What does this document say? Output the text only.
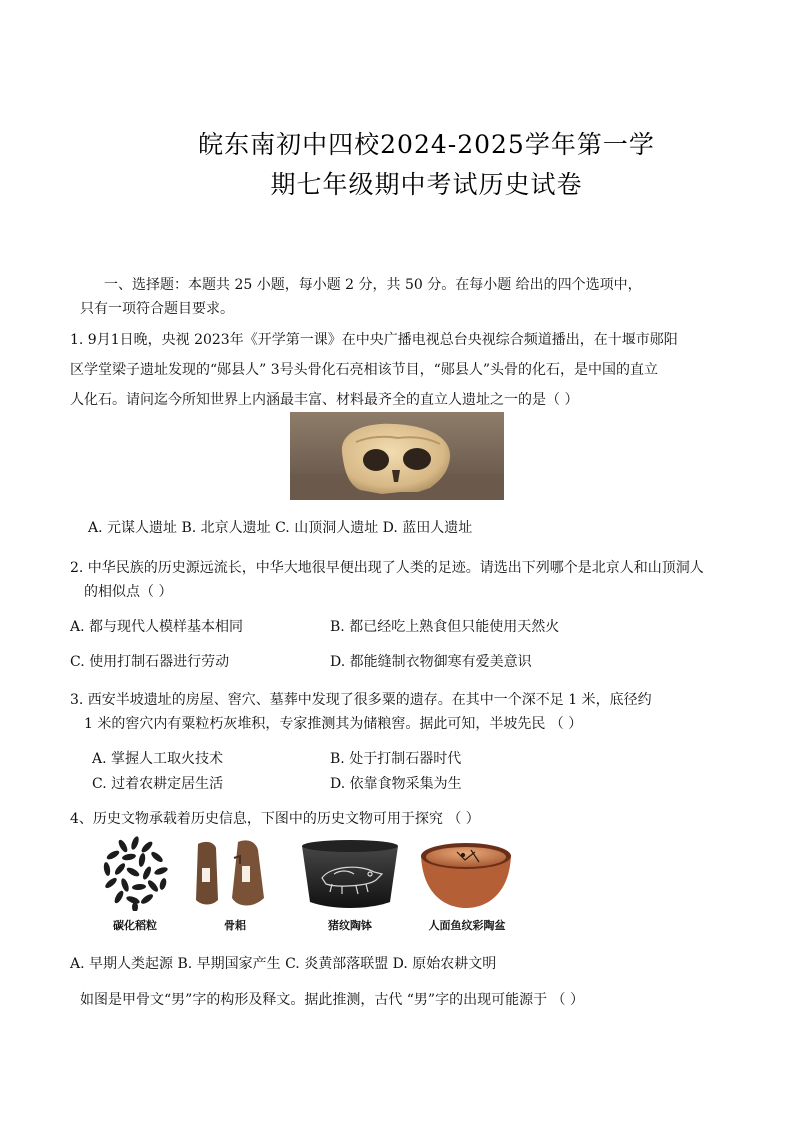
皖东南初中四校2024-2025学年第一学
期七年级期中考试历史试卷
一、选择题：本题共 25 小题，每小题 2 分，共 50 分。在每小题 给出的四个选项中，
只有一项符合题目要求。
1. 9月1日晚，央视 2023年《开学第一课》在中央广播电视总台央视综合频道播出，在十堰市郧阳
区学堂梁子遗址发现的“郧县人” 3号头骨化石亮相该节目，“郧县人”头骨的化石，是中国的直立
人化石。请问迄今所知世界上内涵最丰富、材料最齐全的直立人遗址之一的是（ ）
A. 元谋人遗址 B. 北京人遗址 C. 山顶洞人遗址 D. 蓝田人遗址
2. 中华民族的历史源远流长，中华大地很早便出现了人类的足迹。请选出下列哪个是北京人和山顶洞人
的相似点（ ）
A. 都与现代人模样基本相同	B. 都已经吃上熟食但只能使用天然火
C. 使用打制石器进行劳动	D. 都能缝制衣物御寒有爱美意识
3. 西安半坡遗址的房屋、窖穴、墓葬中发现了很多粟的遗存。在其中一个深不足 1 米，底径约
1 米的窖穴内有粟粒朽灰堆积，专家推测其为储粮窖。据此可知，半坡先民 （ ）
A. 掌握人工取火技术	B. 处于打制石器时代
C. 过着农耕定居生活	D. 依靠食物采集为生
4、历史文物承载着历史信息，下图中的历史文物可用于探究 （ ）
碳化稻粒	骨耜	猪纹陶钵	人面鱼纹彩陶盆
A. 早期人类起源 B. 早期国家产生 C. 炎黄部落联盟 D. 原始农耕文明
如图是甲骨文“男”字的构形及释文。据此推测，古代 “男”字的出现可能源于 （ ）
